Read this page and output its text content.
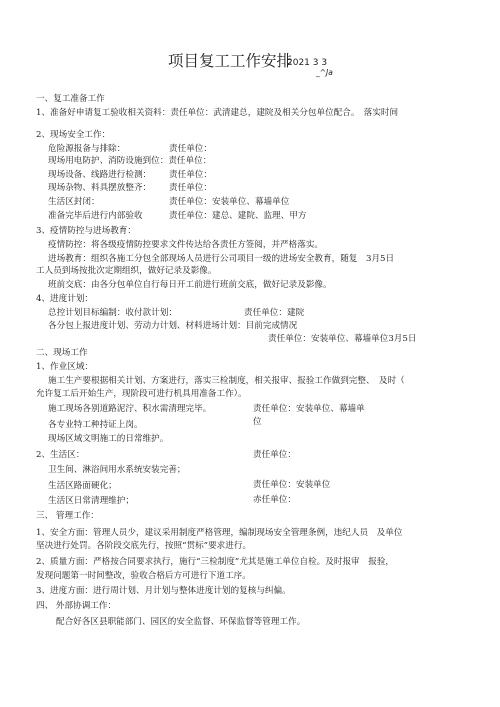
项目复工工作安排
2021 3 3
_^Ja
一、复工准备工作
1、准备好申请复工验收相关资料：责任单位：武清建总，建院及相关分包单位配合。　落实时间
2、现场安全工作：
危险源报备与排除：	责任单位：
现场用电防护、消防设施到位：责任单位：
现场设备、线路进行检测： 责任单位：
现场杂物、料具摆放整齐： 责任单位：
生活区封闭：	责任单位：安装单位、幕墙单位
准备完毕后进行内部验收	责任单位：建总、建院、监理、甲方
3、疫情防控与进场教育：
疫情防控：将各级疫情防控要求文件传达给各责任方签阅，并严格落实。
进场教育：组织各施工分包全部现场人员进行公司项目一级的进场安全教育，随复　3月5日
工人员到场按批次定期组织，做好记录及影像。
班前交底：由各分包单位自行每日开工前进行班前交底，做好记录及影像。
4、进度计划：
总控计划目标编制：收付款计划：	责任单位：建院
各分包上报进度计划、劳动力计划、材料进场计划：目前完成情况
责任单位：安装单位、幕墙单位3月5日
二、现场工作
1、作业区域：
施工生产要根据相关计划、方案进行，落实三检制度，相关报审、报验工作做到完整、　及时（
允许复工后开始生产，现阶段可进行机具用准备工作）。
施工现场各别道路泥泞、积水需清理完毕。	责任单位：安装单位、幕墙单
位
各专业特工种持证上岗。
现场区域文明施工的日常维护。
2、生活区：	责任单位：
卫生间、淋浴间用水系统安装完善；
生活区路面硬化；	责任单位：安装单位
生活区日常清理维护；	赤任单位：
三、 管理工作：
1、安全方面：管理人员少，建议采用制度严格管理，编制现场安全管理条例，违纪人员　及单位
坚决进行处罚。各阶段交底先行，按照“贯标”要求进行。
2、质量方面：严格按合同要求执行，施行“三检制度”尤其是施工单位自检。及时报审　报验，
发现问题第一时间整改，验收合格后方可进行下道工序。
3、进度方面：进行周计划、月计划与整体进度计划的复核与纠偏。
四、 外部协调工作：
配合好各区县职能部门、园区的安全监督、环保监督等管理工作。
